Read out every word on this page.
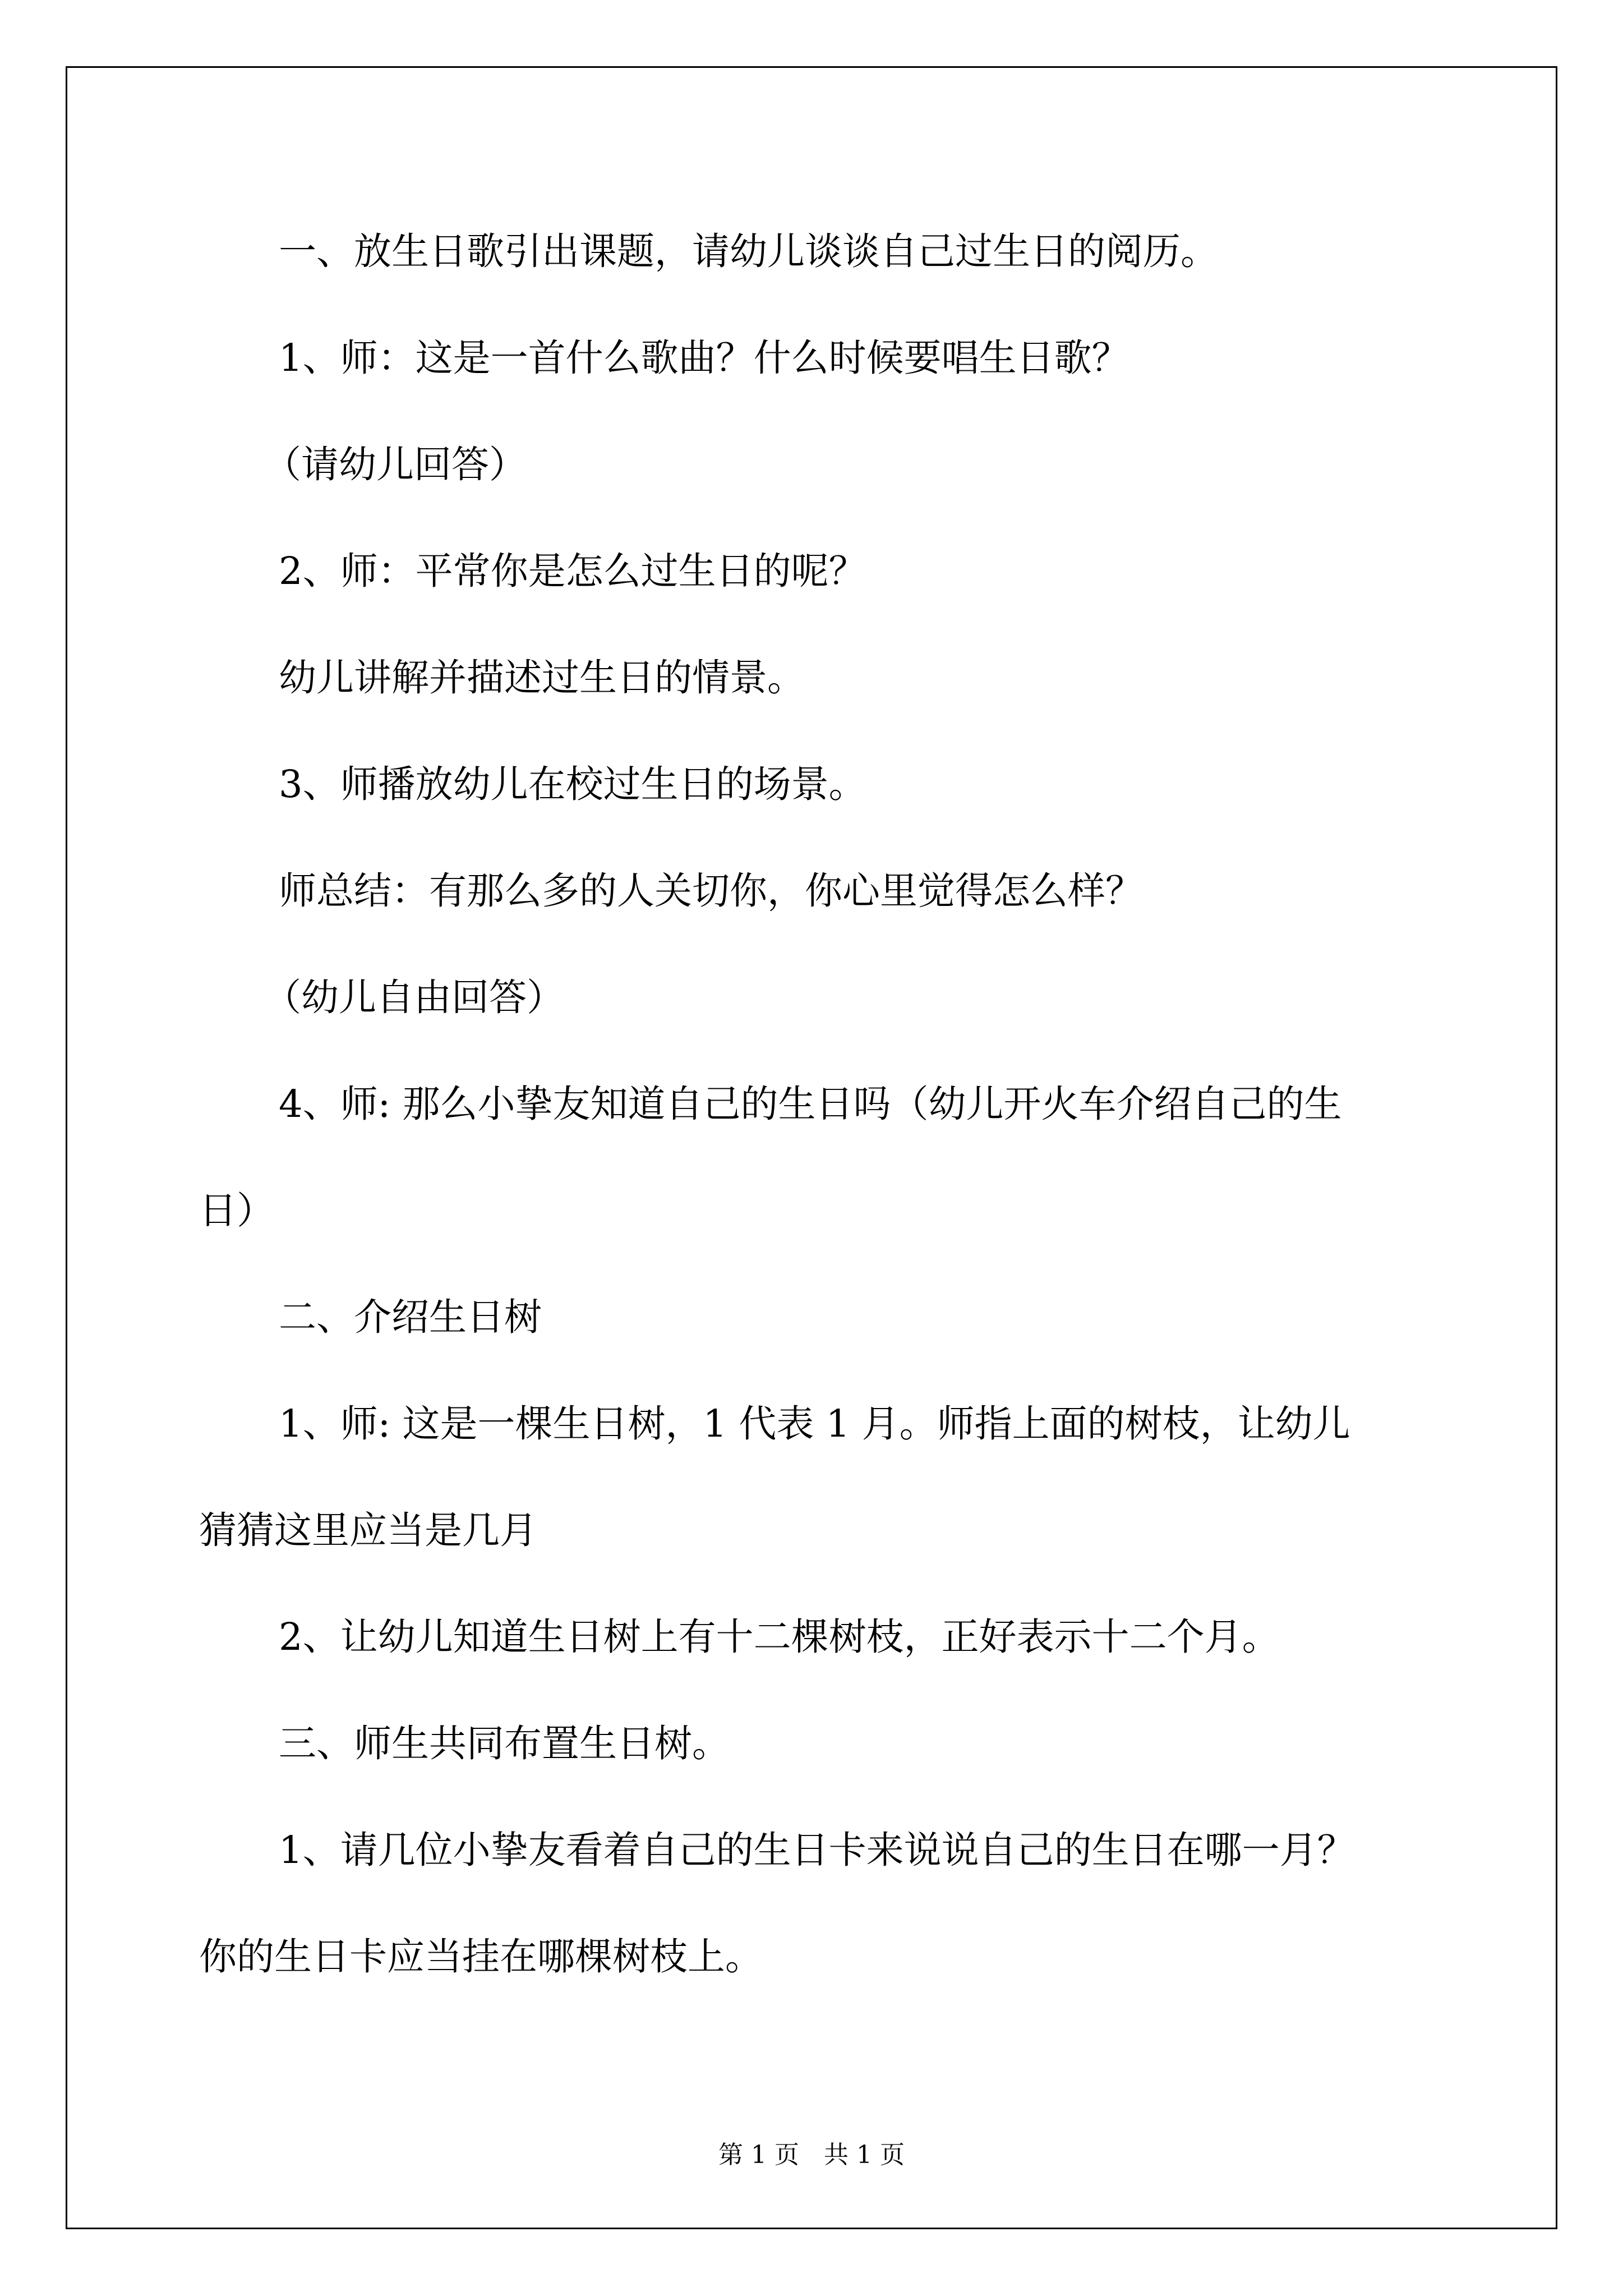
一、放生日歌引出课题，请幼儿谈谈自己过生日的阅历。
1、师：这是一首什么歌曲？什么时候要唱生日歌？
（请幼儿回答）
2、师：平常你是怎么过生日的呢？
幼儿讲解并描述过生日的情景。
3、师播放幼儿在校过生日的场景。
师总结：有那么多的人关切你，你心里觉得怎么样？
（幼儿自由回答）
4、师: 那么小挚友知道自己的生日吗（幼儿开火车介绍自己的生
日）
二、介绍生日树
1、师: 这是一棵生日树，1 代表 1 月。师指上面的树枝，让幼儿
猜猜这里应当是几月
2、让幼儿知道生日树上有十二棵树枝，正好表示十二个月。
三、师生共同布置生日树。
1、请几位小挚友看着自己的生日卡来说说自己的生日在哪一月？
你的生日卡应当挂在哪棵树枝上。
第 1 页　共 1 页
